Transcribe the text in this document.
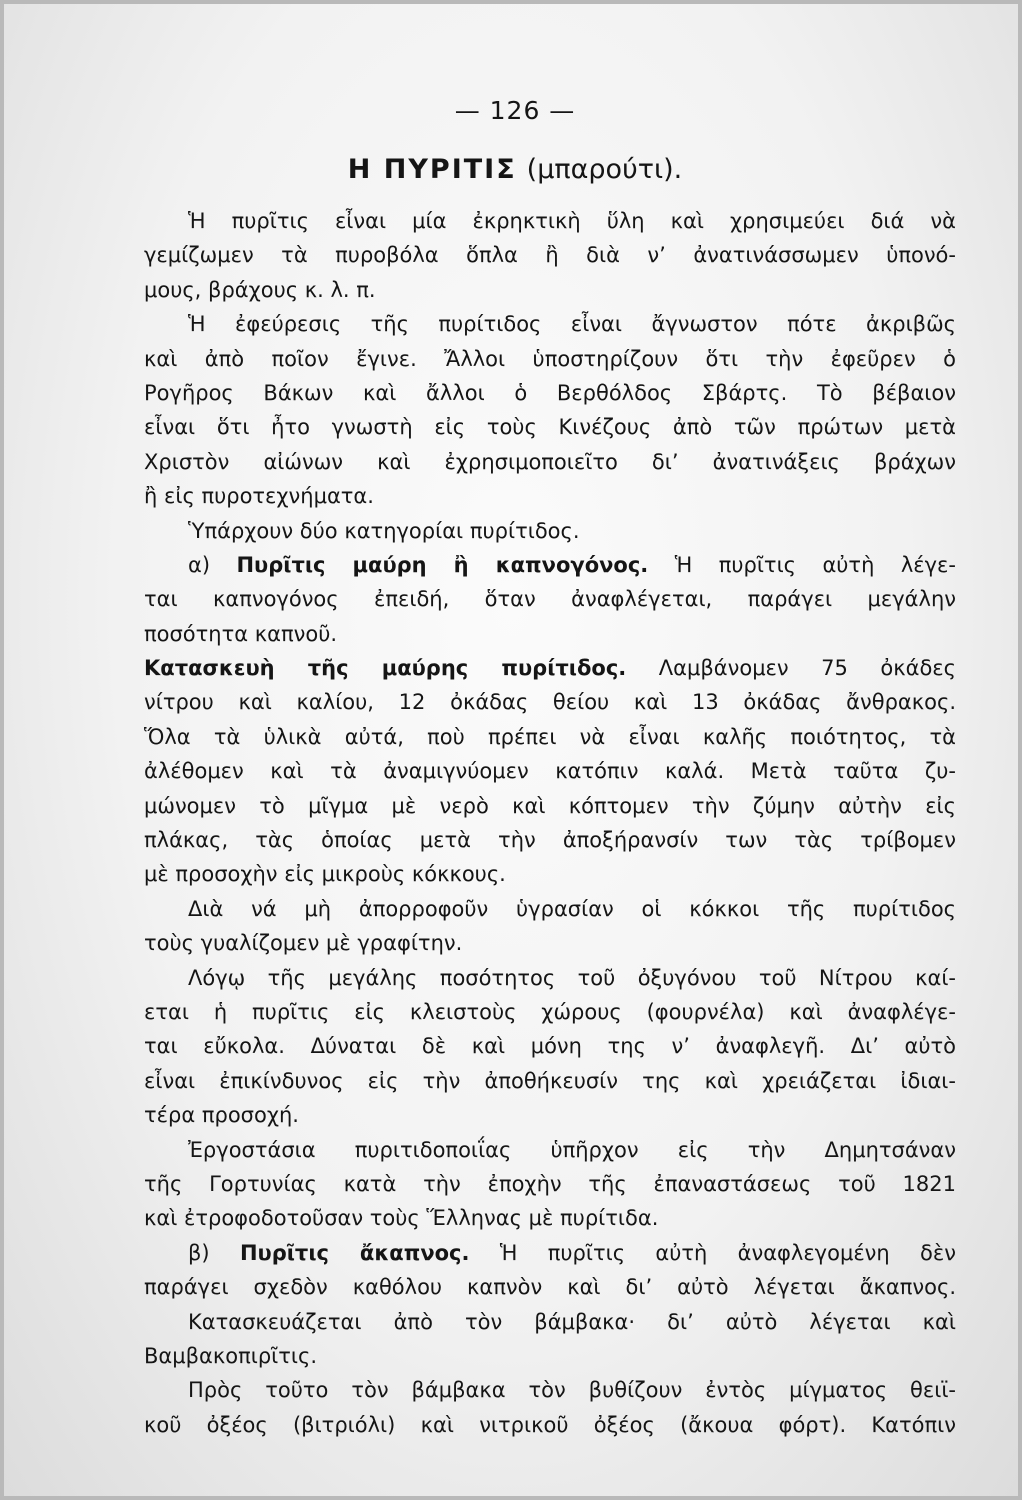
— 126 —
Η ΠΥΡΙΤΙΣ (μπαρούτι).
Ἡ πυρῖτις εἶναι μία ἐκρηκτικὴ ὕλη καὶ χρησιμεύει διά νὰ
γεμίζωμεν τὰ πυροβόλα ὅπλα ἢ διὰ ν’ ἀνατινάσσωμεν ὑπονό-
μους, βράχους κ. λ. π.
Ἡ ἐφεύρεσις τῆς πυρίτιδος εἶναι ἄγνωστον πότε ἀκριβῶς
καὶ ἀπὸ ποῖον ἔγινε. Ἄλλοι ὑποστηρίζουν ὅτι τὴν ἐφεῦρεν ὁ
Ρογῆρος Βάκων καὶ ἄλλοι ὁ Βερθόλδος Σβάρτς. Τὸ βέβαιον
εἶναι ὅτι ἦτο γνωστὴ εἰς τοὺς Κινέζους ἀπὸ τῶν πρώτων μετὰ
Χριστὸν αἰώνων καὶ ἐχρησιμοποιεῖτο δι’ ἀνατινάξεις βράχων
ἢ εἰς πυροτεχνήματα.
Ὑπάρχουν δύο κατηγορίαι πυρίτιδος.
α) Πυρῖτις μαύρη ἢ καπνογόνος. Ἡ πυρῖτις αὐτὴ λέγε-
ται καπνογόνος ἐπειδή, ὅταν ἀναφλέγεται, παράγει μεγάλην
ποσότητα καπνοῦ.
Κατασκευὴ τῆς μαύρης πυρίτιδος. Λαμβάνομεν 75 ὀκάδες
νίτρου καὶ καλίου, 12 ὀκάδας θείου καὶ 13 ὀκάδας ἄνθρακος.
Ὅλα τὰ ὑλικὰ αὐτά, ποὺ πρέπει νὰ εἶναι καλῆς ποιότητος, τὰ
ἀλέθομεν καὶ τὰ ἀναμιγνύομεν κατόπιν καλά. Μετὰ ταῦτα ζυ-
μώνομεν τὸ μῖγμα μὲ νερὸ καὶ κόπτομεν τὴν ζύμην αὐτὴν εἰς
πλάκας, τὰς ὁποίας μετὰ τὴν ἀποξήρανσίν των τὰς τρίβομεν
μὲ προσοχὴν εἰς μικροὺς κόκκους.
Διὰ νά μὴ ἀπορροφοῦν ὑγρασίαν οἱ κόκκοι τῆς πυρίτιδος
τοὺς γυαλίζομεν μὲ γραφίτην.
Λόγῳ τῆς μεγάλης ποσότητος τοῦ ὀξυγόνου τοῦ Νίτρου καί-
εται ἡ πυρῖτις εἰς κλειστοὺς χώρους (φουρνέλα) καὶ ἀναφλέγε-
ται εὔκολα. Δύναται δὲ καὶ μόνη της ν’ ἀναφλεγῆ. Δι’ αὐτὸ
εἶναι ἐπικίνδυνος εἰς τὴν ἀποθήκευσίν της καὶ χρειάζεται ἰδιαι-
τέρα προσοχή.
Ἐργοστάσια πυριτιδοποιΐας ὑπῆρχον εἰς τὴν Δημητσάναν
τῆς Γορτυνίας κατὰ τὴν ἐποχὴν τῆς ἐπαναστάσεως τοῦ 1821
καὶ ἐτροφοδοτοῦσαν τοὺς Ἕλληνας μὲ πυρίτιδα.
β) Πυρῖτις ἄκαπνος. Ἡ πυρῖτις αὐτὴ ἀναφλεγομένη δὲν
παράγει σχεδὸν καθόλου καπνὸν καὶ δι’ αὐτὸ λέγεται ἄκαπνος.
Κατασκευάζεται ἀπὸ τὸν βάμβακα· δι’ αὐτὸ λέγεται καὶ
Βαμβακοπιρῖτις.
Πρὸς τοῦτο τὸν βάμβακα τὸν βυθίζουν ἐντὸς μίγματος θειϊ-
κοῦ ὀξέος (βιτριόλι) καὶ νιτρικοῦ ὀξέος (ἄκουα φόρτ). Κατόπιν
